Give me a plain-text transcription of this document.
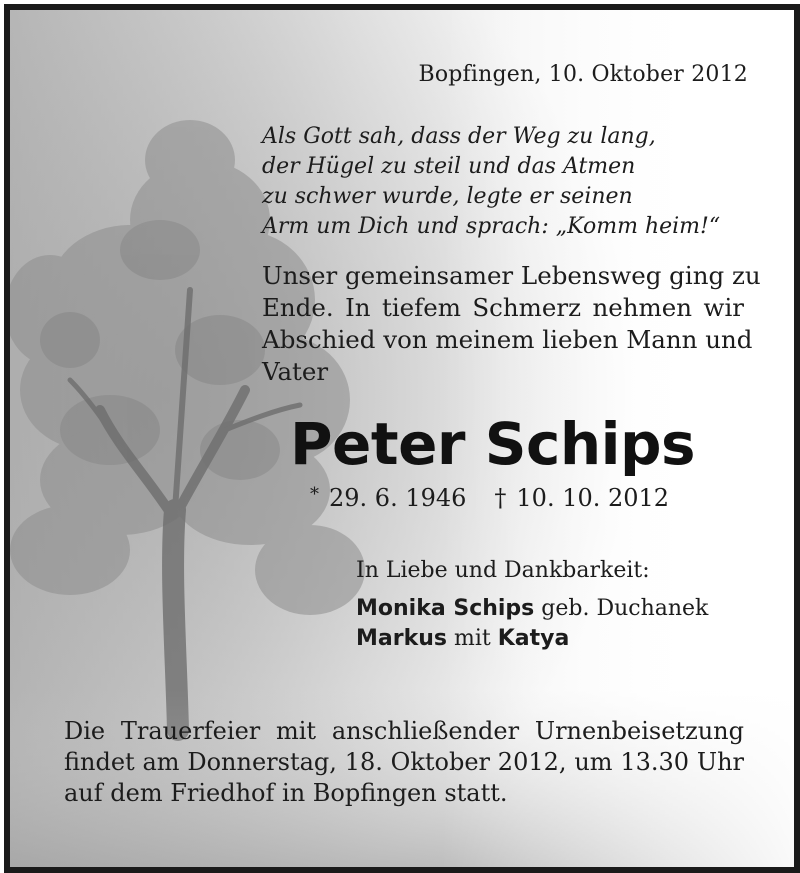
Bopfingen, 10. Oktober 2012
Als Gott sah, dass der Weg zu lang,
der Hügel zu steil und das Atmen
zu schwer wurde, legte er seinen
Arm um Dich und sprach: „Komm heim!“
Unser gemeinsamer Lebensweg ging zu
Ende. In tiefem Schmerz nehmen wir
Abschied von meinem lieben Mann und
Vater
Peter Schips
* 29. 6. 1946 † 10. 10. 2012
In Liebe und Dankbarkeit:
Monika Schips geb. Duchanek
Markus mit Katya
Die Trauerfeier mit anschließender Urnenbeisetzung
findet am Donnerstag, 18. Oktober 2012, um 13.30 Uhr
auf dem Friedhof in Bopfingen statt.
